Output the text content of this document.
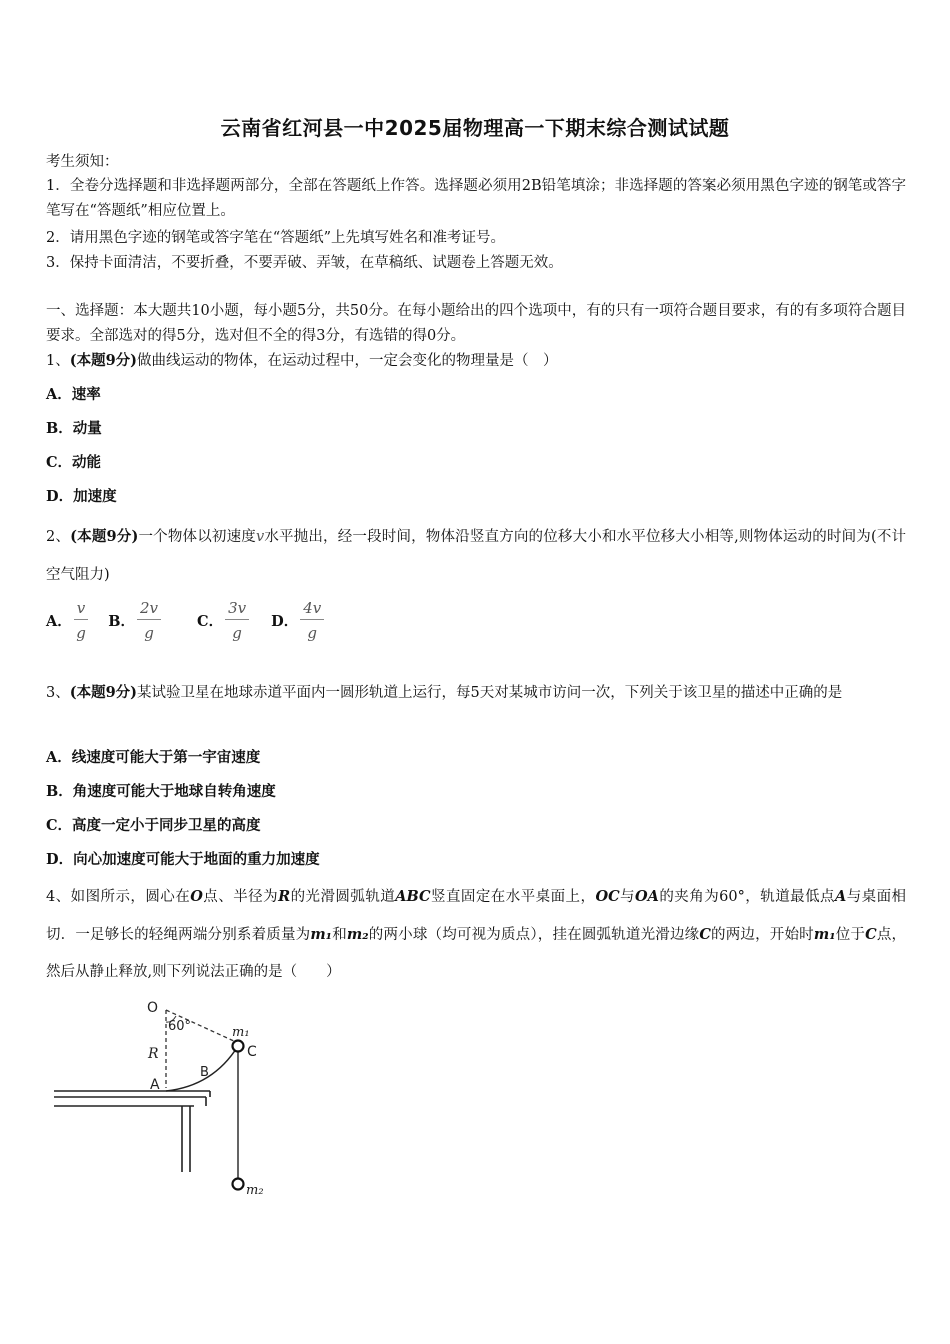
云南省红河县一中2025届物理高一下期末综合测试试题
考生须知：
1．全卷分选择题和非选择题两部分，全部在答题纸上作答。选择题必须用2B铅笔填涂；非选择题的答案必须用黑色字迹的钢笔或答字笔写在“答题纸”相应位置上。
2．请用黑色字迹的钢笔或答字笔在“答题纸”上先填写姓名和准考证号。
3．保持卡面清洁，不要折叠，不要弄破、弄皱，在草稿纸、试题卷上答题无效。
一、选择题：本大题共10小题，每小题5分，共50分。在每小题给出的四个选项中，有的只有一项符合题目要求，有的有多项符合题目要求。全部选对的得5分，选对但不全的得3分，有选错的得0分。
1、(本题9分)做曲线运动的物体，在运动过程中，一定会变化的物理量是（　）
A．速率
B．动量
C．动能
D．加速度
2、(本题9分)一个物体以初速度v水平抛出，经一段时间，物体沿竖直方向的位移大小和水平位移大小相等,则物体运动的时间为(不计空气阻力)
A． $\frac{v}{g}$ B． $\frac{2v}{g}$ C． $\frac{3v}{g}$ D． $\frac{4v}{g}$
3、(本题9分)某试验卫星在地球赤道平面内一圆形轨道上运行，每5天对某城市访问一次，下列关于该卫星的描述中正确的是
A．线速度可能大于第一宇宙速度
B．角速度可能大于地球自转角速度
C．高度一定小于同步卫星的高度
D．向心加速度可能大于地面的重力加速度
4、如图所示，圆心在O点、半径为R的光滑圆弧轨道ABC竖直固定在水平桌面上，OC与OA的夹角为60°，轨道最低点A与桌面相切．一足够长的轻绳两端分别系着质量为m₁和m₂的两小球（均可视为质点），挂在圆弧轨道光滑边缘C的两边，开始时m₁位于C点，然后从静止释放,则下列说法正确的是（　　）
O
60°	m₁
C
R
B
A
m₂
